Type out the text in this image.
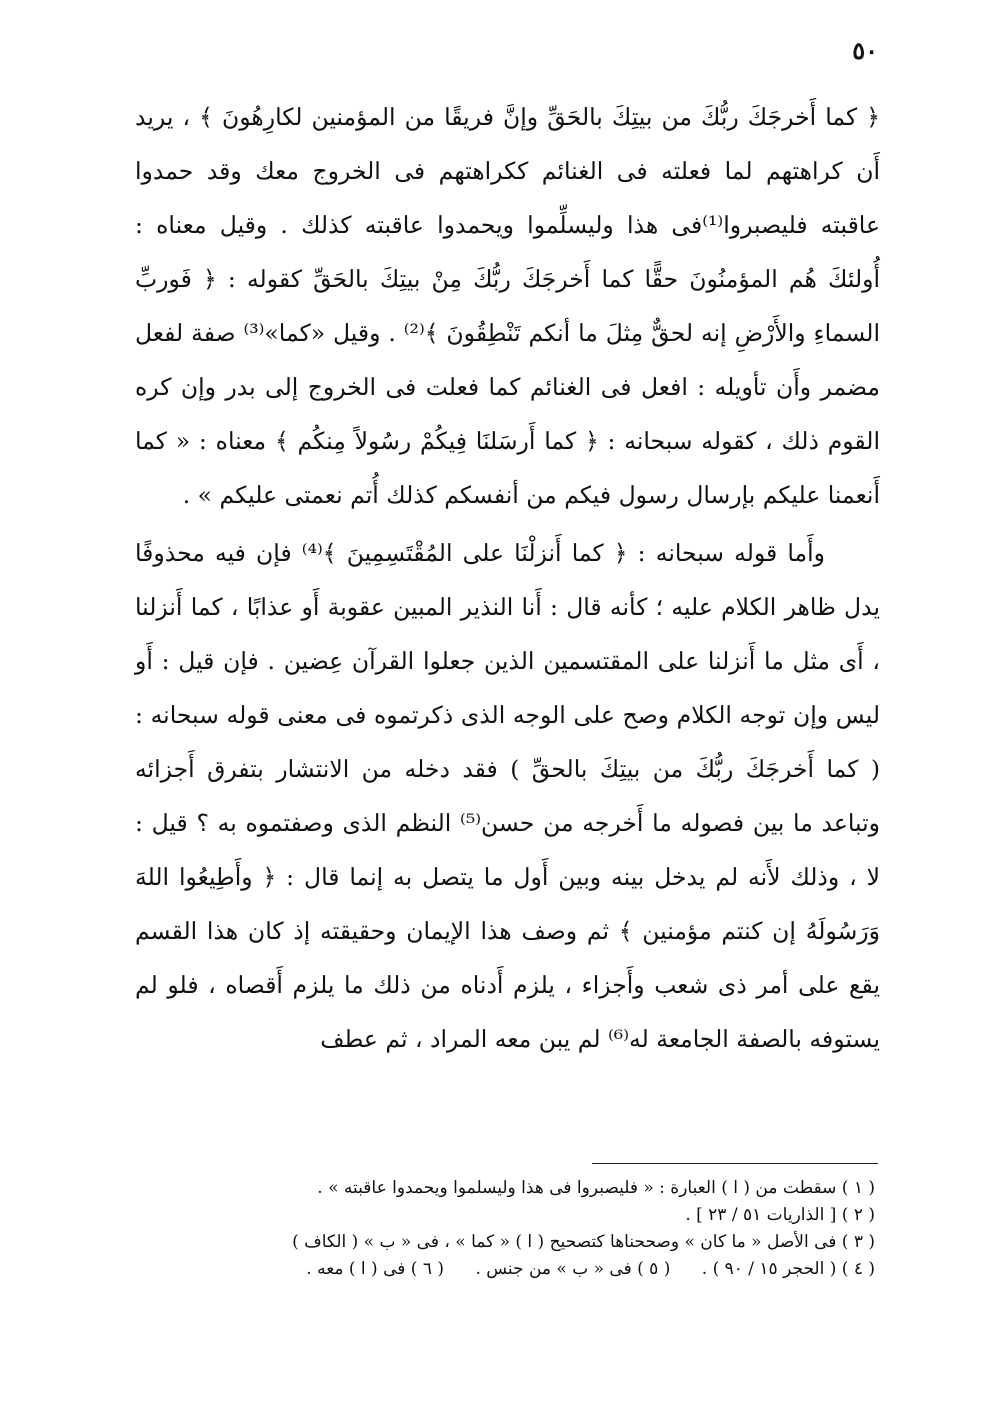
٥٠

﴿ كما أَخرجَكَ ربُّكَ من بيتِكَ بالحَقِّ وإنَّ فريقًا من المؤمنين لكارِهُونَ ﴾ ، يريد أَن كراهتهم لما فعلته فى الغنائم ككراهتهم فى الخروج معك وقد حمدوا عاقبته فليصبروا⁽¹⁾فى هذا وليسلِّموا ويحمدوا عاقبته كذلك . وقيل معناه : أُولئكَ هُم المؤمنُونَ حقًّا كما أَخرجَكَ ربُّكَ مِنْ بيتِكَ بالحَقِّ كقوله : ﴿ فَوربِّ السماءِ والأَرْضِ إنه لحقٌّ مِثلَ ما أنكم تَنْطِقُونَ ﴾⁽²⁾ . وقيل «كما»⁽³⁾ صفة لفعل مضمر وأَن تأويله : افعل فى الغنائم كما فعلت فى الخروج إلى بدر وإن كره القوم ذلك ، كقوله سبحانه : ﴿ كما أَرسَلنَا فِيكُمْ رسُولاً مِنكُم ﴾ معناه : « كما أَنعمنا عليكم بإرسال رسول فيكم من أنفسكم كذلك أُتم نعمتى عليكم » .

وأَما قوله سبحانه : ﴿ كما أَنزلْنَا على المُقْتَسِمِينَ ﴾⁽⁴⁾ فإن فيه محذوفًا يدل ظاهر الكلام عليه ؛ كأنه قال : أَنا النذير المبين عقوبة أَو عذابًا ، كما أَنزلنا ، أَى مثل ما أَنزلنا على المقتسمين الذين جعلوا القرآن عِضين . فإن قيل : أَو ليس وإن توجه الكلام وصح على الوجه الذى ذكرتموه فى معنى قوله سبحانه : ( كما أَخرجَكَ ربُّكَ من بيتِكَ بالحقِّ ) فقد دخله من الانتشار بتفرق أَجزائه وتباعد ما بين فصوله ما أَخرجه من حسن⁽⁵⁾ النظم الذى وصفتموه به ؟ قيل : لا ، وذلك لأَنه لم يدخل بينه وبين أَول ما يتصل به إنما قال : ﴿ وأَطِيعُوا اللهَ وَرَسُولَهُ إن كنتم مؤمنين ﴾ ثم وصف هذا الإيمان وحقيقته إذ كان هذا القسم يقع على أمر ذى شعب وأَجزاء ، يلزم أَدناه من ذلك ما يلزم أَقصاه ، فلو لم يستوفه بالصفة الجامعة له⁽⁶⁾ لم يبن معه المراد ، ثم عطف

( ١ ) سقطت من ( ا ) العبارة : « فليصبروا فى هذا وليسلموا ويحمدوا عاقبته » .
( ٢ ) [ الذاريات ٥١ / ٢٣ ] .
( ٣ ) فى الأصل « ما كان » وصححناها كتصحيح ( ا ) « كما » ، فى « ب » ( الكاف )
( ٤ ) ( الحجر ١٥ / ٩٠ ) . ( ٥ ) فى « ب » من جنس . ( ٦ ) فى ( ا ) معه .
